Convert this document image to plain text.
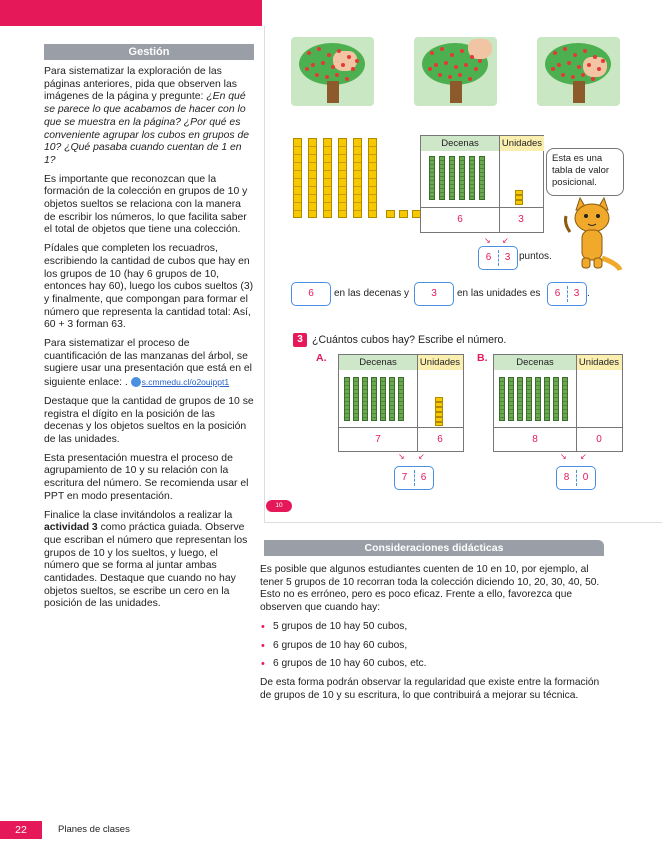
Gestión
Para sistematizar la exploración de las páginas anteriores, pida que observen las imágenes de la página y pregunte: ¿En qué se parece lo que acabamos de hacer con lo que se muestra en la página? ¿Por qué es conveniente agrupar los cubos en grupos de 10? ¿Qué pasaba cuando cuentan de 1 en 1?
Es importante que reconozcan que la formación de la colección en grupos de 10 y objetos sueltos se relaciona con la manera de escribir los números, lo que facilita saber el total de objetos que tiene una colección.
Pídales que completen los recuadros, escribiendo la cantidad de cubos que hay en los grupos de 10 (hay 6 grupos de 10, entonces hay 60), luego los cubos sueltos (3) y finalmente, que compongan para formar el número que representa la cantidad total: Así, 60 + 3 forman 63.
Para sistematizar el proceso de cuantificación de las manzanas del árbol, se sugiere usar una presentación que está en el siguiente enlace: . s.cmmedu.cl/o2ouippt1
Destaque que la cantidad de grupos de 10 se registra el dígito en la posición de las decenas y los objetos sueltos en la posición de las unidades.
Esta presentación muestra el proceso de agrupamiento de 10 y su relación con la escritura del número. Se recomienda usar el PPT en modo presentación.
Finalice la clase invitándolos a realizar la actividad 3 como práctica guiada. Observe que escriban el número que representan los grupos de 10 y los sueltos, y luego, el número que se forma al juntar ambas cantidades. Destaque que cuando no hay objetos sueltos, se escribe un cero en la posición de las unidades.
Decenas	Unidades
6	3
Esta es una tabla de valor posicional.
↘ ↙
6	3 puntos.
6	en las decenas y	3	en las unidades es	6	3 .
3 ¿Cuántos cubos hay? Escribe el número.
A.	Decenas	Unidades
7	6
↘ ↙
7	6
B.	Decenas	Unidades
8	0
↘ ↙
8	0
10
Consideraciones didácticas
Es posible que algunos estudiantes cuenten de 10 en 10, por ejemplo, al tener 5 grupos de 10 recorran toda la colección diciendo 10, 20, 30, 40, 50. Esto no es erróneo, pero es poco eficaz. Frente a ello, favorezca que observen que cuando hay:
• 5 grupos de 10 hay 50 cubos,
• 6 grupos de 10 hay 60 cubos,
• 6 grupos de 10 hay 60 cubos, etc.
De esta forma podrán observar la regularidad que existe entre la formación de grupos de 10 y su escritura, lo que contribuirá a mejorar su técnica.
22	Planes de clases
